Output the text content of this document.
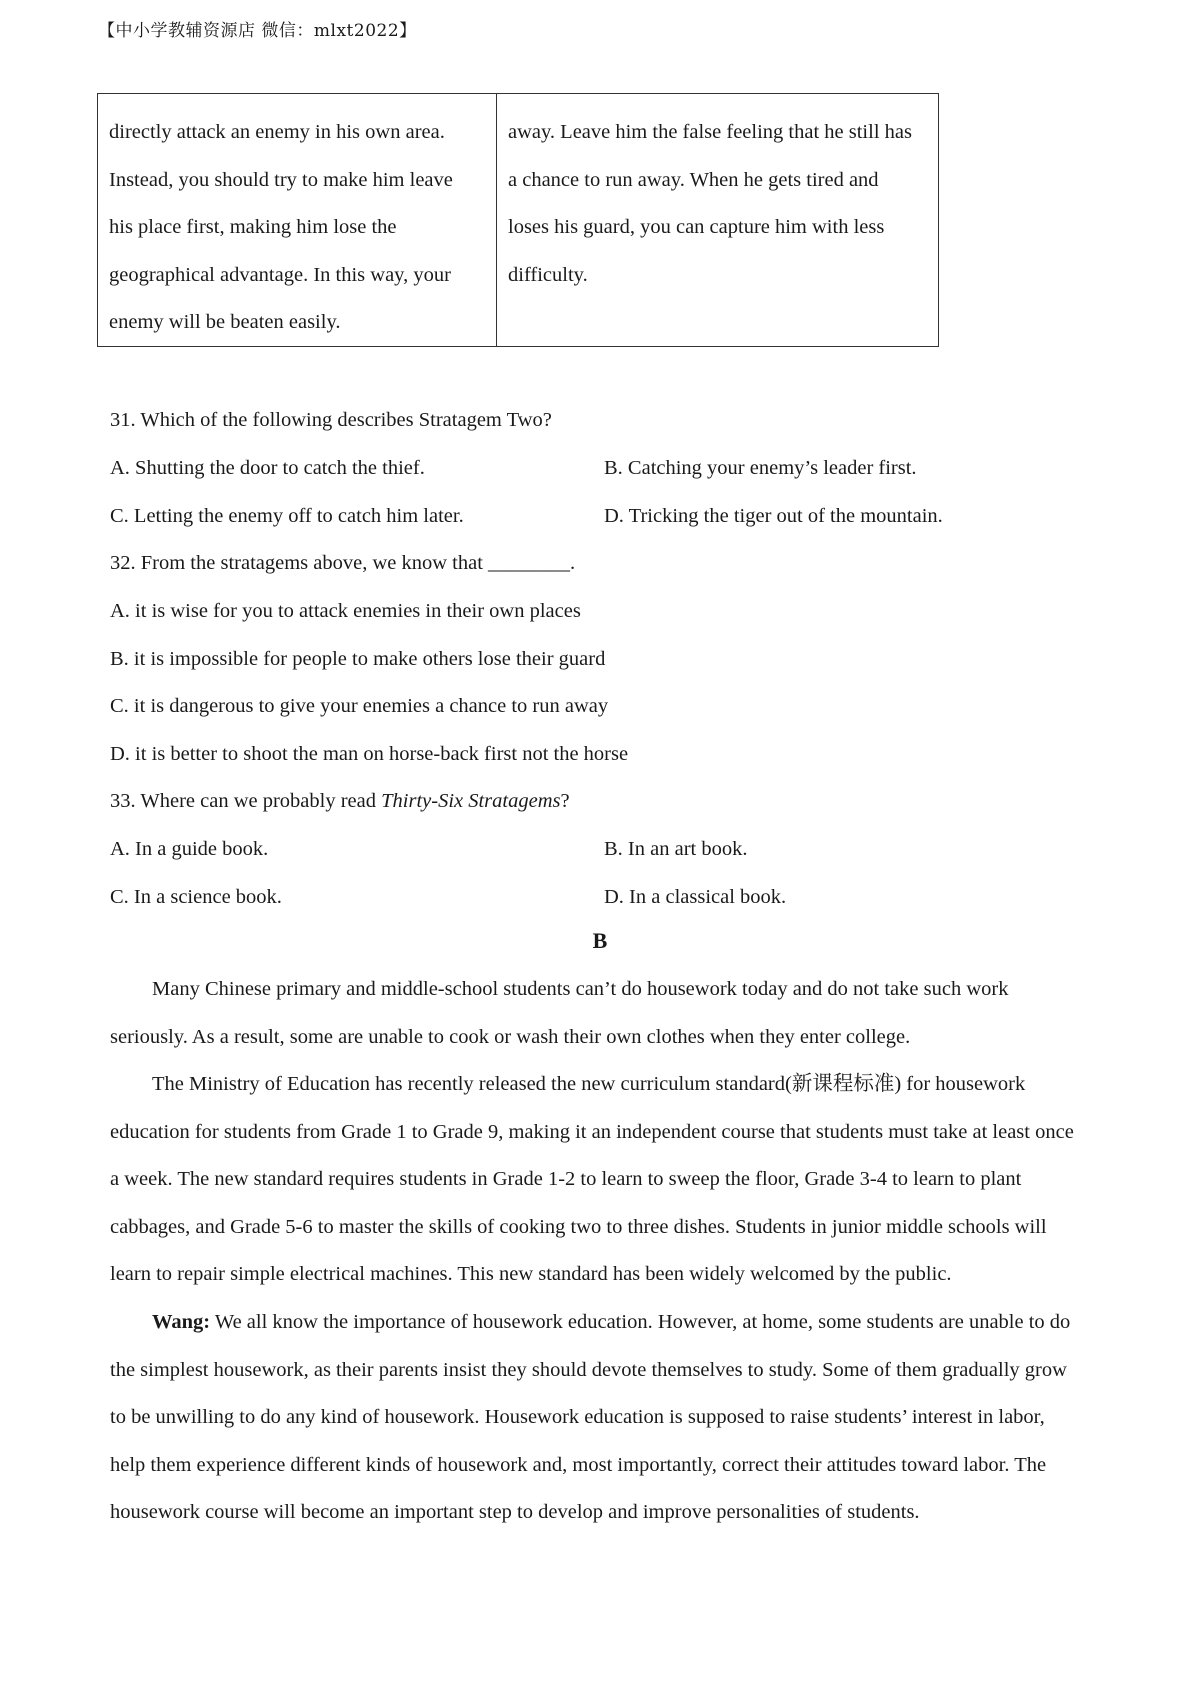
【中小学教辅资源店 微信：mlxt2022】
directly attack an enemy in his own area.
Instead, you should try to make him leave
his place first, making him lose the
geographical advantage. In this way, your
enemy will be beaten easily.
away. Leave him the false feeling that he still has
a chance to run away. When he gets tired and
loses his guard, you can capture him with less
difficulty.
31. Which of the following describes Stratagem Two?
A. Shutting the door to catch the thief.	B. Catching your enemy’s leader first.
C. Letting the enemy off to catch him later.	D. Tricking the tiger out of the mountain.
32. From the stratagems above, we know that ________.
A. it is wise for you to attack enemies in their own places
B. it is impossible for people to make others lose their guard
C. it is dangerous to give your enemies a chance to run away
D. it is better to shoot the man on horse-back first not the horse
33. Where can we probably read Thirty-Six Stratagems?
A. In a guide book.	B. In an art book.
C. In a science book.	D. In a classical book.
B
Many Chinese primary and middle-school students can’t do housework today and do not take such work
seriously. As a result, some are unable to cook or wash their own clothes when they enter college.
The Ministry of Education has recently released the new curriculum standard(新课程标准) for housework
education for students from Grade 1 to Grade 9, making it an independent course that students must take at least once
a week. The new standard requires students in Grade 1-2 to learn to sweep the floor, Grade 3-4 to learn to plant
cabbages, and Grade 5-6 to master the skills of cooking two to three dishes. Students in junior middle schools will
learn to repair simple electrical machines. This new standard has been widely welcomed by the public.
Wang: We all know the importance of housework education. However, at home, some students are unable to do
the simplest housework, as their parents insist they should devote themselves to study. Some of them gradually grow
to be unwilling to do any kind of housework. Housework education is supposed to raise students’ interest in labor,
help them experience different kinds of housework and, most importantly, correct their attitudes toward labor. The
housework course will become an important step to develop and improve personalities of students.
